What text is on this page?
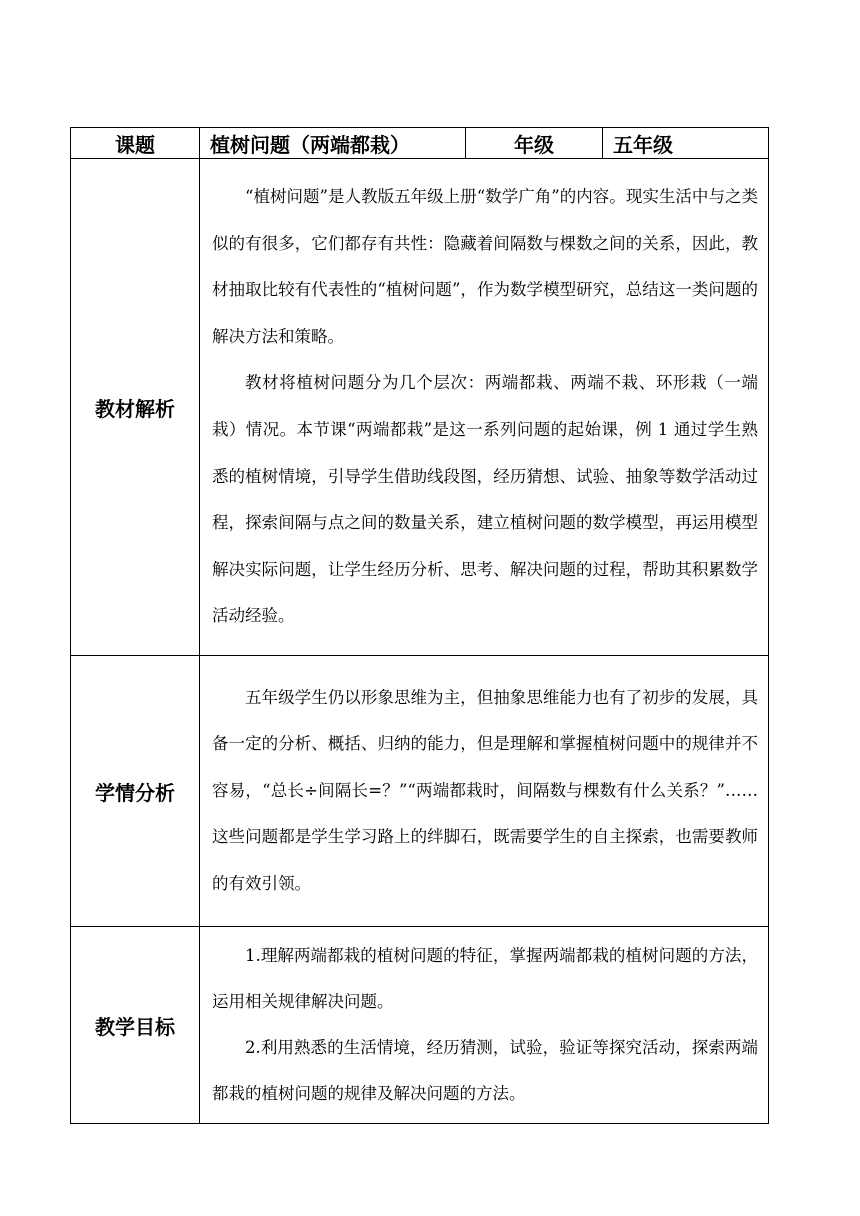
课题	植树问题（两端都栽）	年级	五年级
教材解析	“植树问题”是人教版五年级上册“数学广角”的内容。现实生活中与之类似的有很多，它们都存有共性：隐藏着间隔数与棵数之间的关系，因此，教材抽取比较有代表性的“植树问题”，作为数学模型研究，总结这一类问题的解决方法和策略。

教材将植树问题分为几个层次：两端都栽、两端不栽、环形栽（一端栽）情况。本节课“两端都栽”是这一系列问题的起始课，例 1 通过学生熟悉的植树情境，引导学生借助线段图，经历猜想、试验、抽象等数学活动过程，探索间隔与点之间的数量关系，建立植树问题的数学模型，再运用模型解决实际问题，让学生经历分析、思考、解决问题的过程，帮助其积累数学活动经验。		

学情分析	五年级学生仍以形象思维为主，但抽象思维能力也有了初步的发展，具备一定的分析、概括、归纳的能力，但是理解和掌握植树问题中的规律并不容易，“总长÷间隔长=？”“两端都栽时，间隔数与棵数有什么关系？”……这些问题都是学生学习路上的绊脚石，既需要学生的自主探索，也需要教师的有效引领。		

教学目标	1.理解两端都栽的植树问题的特征，掌握两端都栽的植树问题的方法，运用相关规律解决问题。

2.利用熟悉的生活情境，经历猜测，试验，验证等探究活动，探索两端都栽的植树问题的规律及解决问题的方法。		
